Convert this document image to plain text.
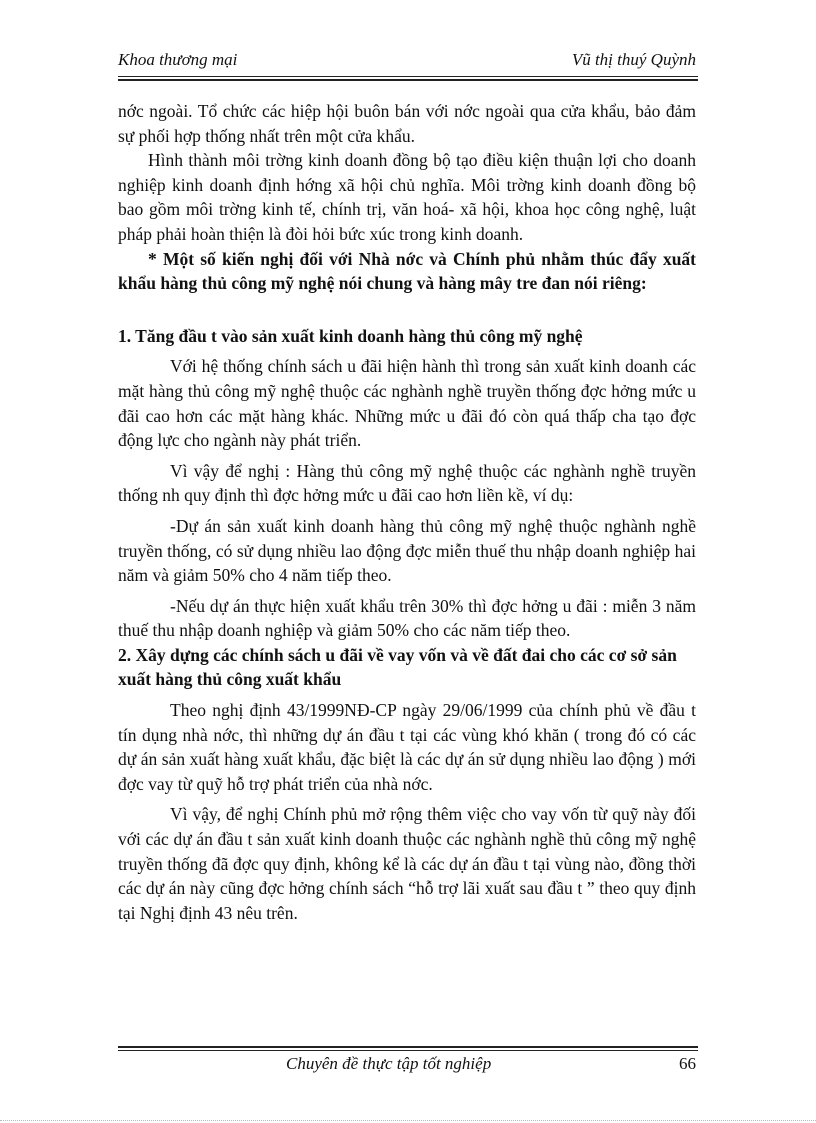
Khoa thương mại	Vũ thị thuý Quỳnh

nớc ngoài. Tổ chức các hiệp hội buôn bán với nớc ngoài qua cửa khẩu, bảo đảm sự phối hợp thống nhất trên một cửa khẩu.

Hình thành môi trờng kinh doanh đồng bộ tạo điều kiện thuận lợi cho doanh nghiệp kinh doanh định hớng xã hội chủ nghĩa. Môi trờng kinh doanh đồng bộ bao gồm môi trờng kinh tế, chính trị, văn hoá- xã hội, khoa học công nghệ, luật pháp phải hoàn thiện là đòi hỏi bức xúc trong kinh doanh.

* Một số kiến nghị đối với Nhà nớc và Chính phủ nhằm thúc đẩy xuất khẩu hàng thủ công mỹ nghệ nói chung và hàng mây tre đan nói riêng:

1. Tăng đầu t vào sản xuất kinh doanh hàng thủ công mỹ nghệ

Với hệ thống chính sách u đãi hiện hành thì trong sản xuất kinh doanh các mặt hàng thủ công mỹ nghệ thuộc các nghành nghề truyền thống đợc hởng mức u đãi cao hơn các mặt hàng khác. Những mức u đãi đó còn quá thấp cha tạo đợc động lực cho ngành này phát triển.

Vì vậy để nghị : Hàng thủ công mỹ nghệ thuộc các nghành nghề truyền thống nh quy định thì đợc hởng mức u đãi cao hơn liền kề, ví dụ:

-Dự án sản xuất kinh doanh hàng thủ công mỹ nghệ thuộc nghành nghề truyền thống, có sử dụng nhiều lao động đợc miễn thuế thu nhập doanh nghiệp hai năm và giảm 50% cho 4 năm tiếp theo.

-Nếu dự án thực hiện xuất khẩu trên 30% thì đợc hởng u đãi : miễn 3 năm thuế thu nhập doanh nghiệp và giảm 50% cho các năm tiếp theo.

2. Xây dựng các chính sách u đãi về vay vốn và về đất đai cho các cơ sở sản xuất hàng thủ công xuất khẩu

Theo nghị định 43/1999NĐ-CP ngày 29/06/1999 của chính phủ về đầu t tín dụng nhà nớc, thì những dự án đầu t tại các vùng khó khăn ( trong đó có các dự án sản xuất hàng xuất khẩu, đặc biệt là các dự án sử dụng nhiều lao động ) mới đợc vay từ quỹ hỗ trợ phát triển của nhà nớc.

Vì vậy, để nghị Chính phủ mở rộng thêm việc cho vay vốn từ quỹ này đối với các dự án đầu t sản xuất kinh doanh thuộc các nghành nghề thủ công mỹ nghệ truyền thống đã đợc quy định, không kể là các dự án đầu t tại vùng nào, đồng thời các dự án này cũng đợc hởng chính sách “hỗ trợ lãi xuất sau đầu t ” theo quy định tại Nghị định 43 nêu trên.

Chuyên đề thực tập tốt nghiệp	66
